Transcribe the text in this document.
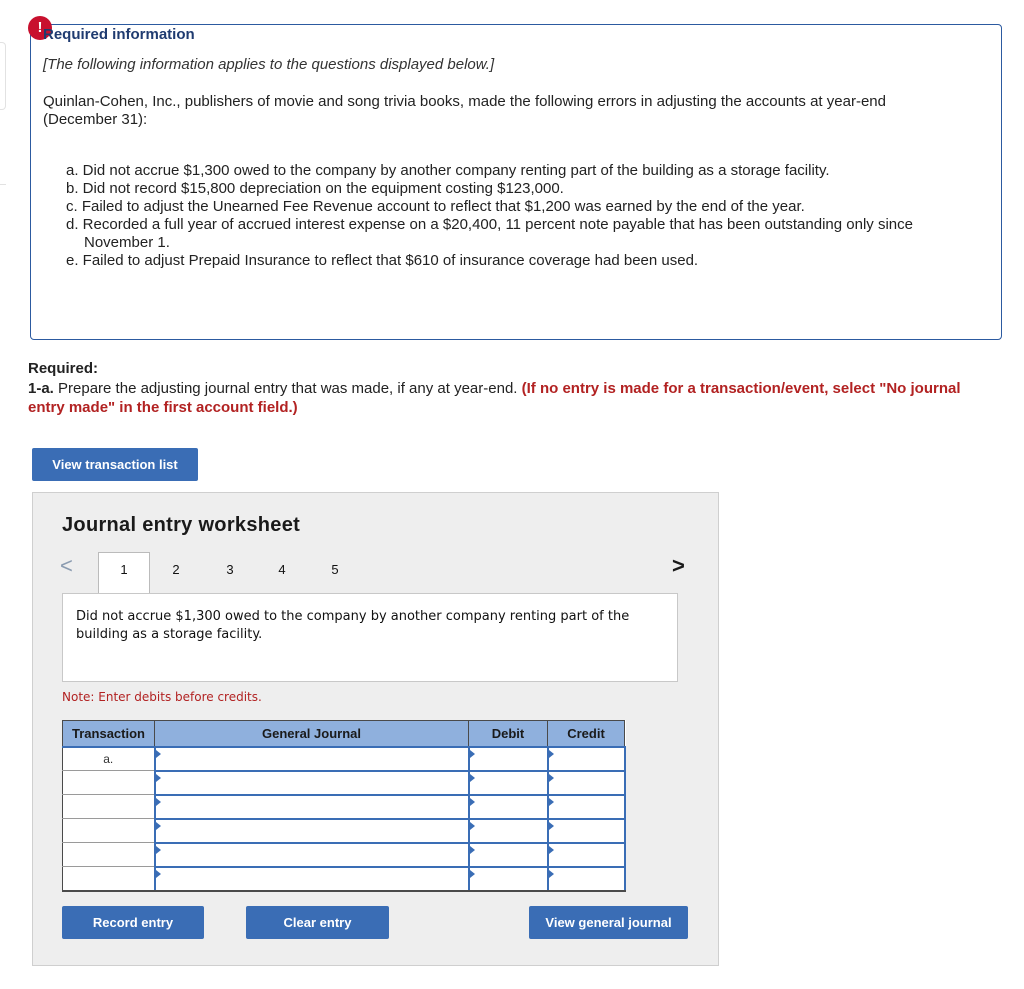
! Required information
[The following information applies to the questions displayed below.]
Quinlan-Cohen, Inc., publishers of movie and song trivia books, made the following errors in adjusting the accounts at year-end (December 31):
a. Did not accrue $1,300 owed to the company by another company renting part of the building as a storage facility.
b. Did not record $15,800 depreciation on the equipment costing $123,000.
c. Failed to adjust the Unearned Fee Revenue account to reflect that $1,200 was earned by the end of the year.
d. Recorded a full year of accrued interest expense on a $20,400, 11 percent note payable that has been outstanding only since November 1.
e. Failed to adjust Prepaid Insurance to reflect that $610 of insurance coverage had been used.
Required:
1-a. Prepare the adjusting journal entry that was made, if any at year-end. (If no entry is made for a transaction/event, select "No journal entry made" in the first account field.)
View transaction list
Journal entry worksheet
<	1	2	3	4	5	>
Did not accrue $1,300 owed to the company by another company renting part of the building as a storage facility.
Note: Enter debits before credits.
Transaction	General Journal	Debit	Credit
a.			

Record entry	Clear entry	View general journal
